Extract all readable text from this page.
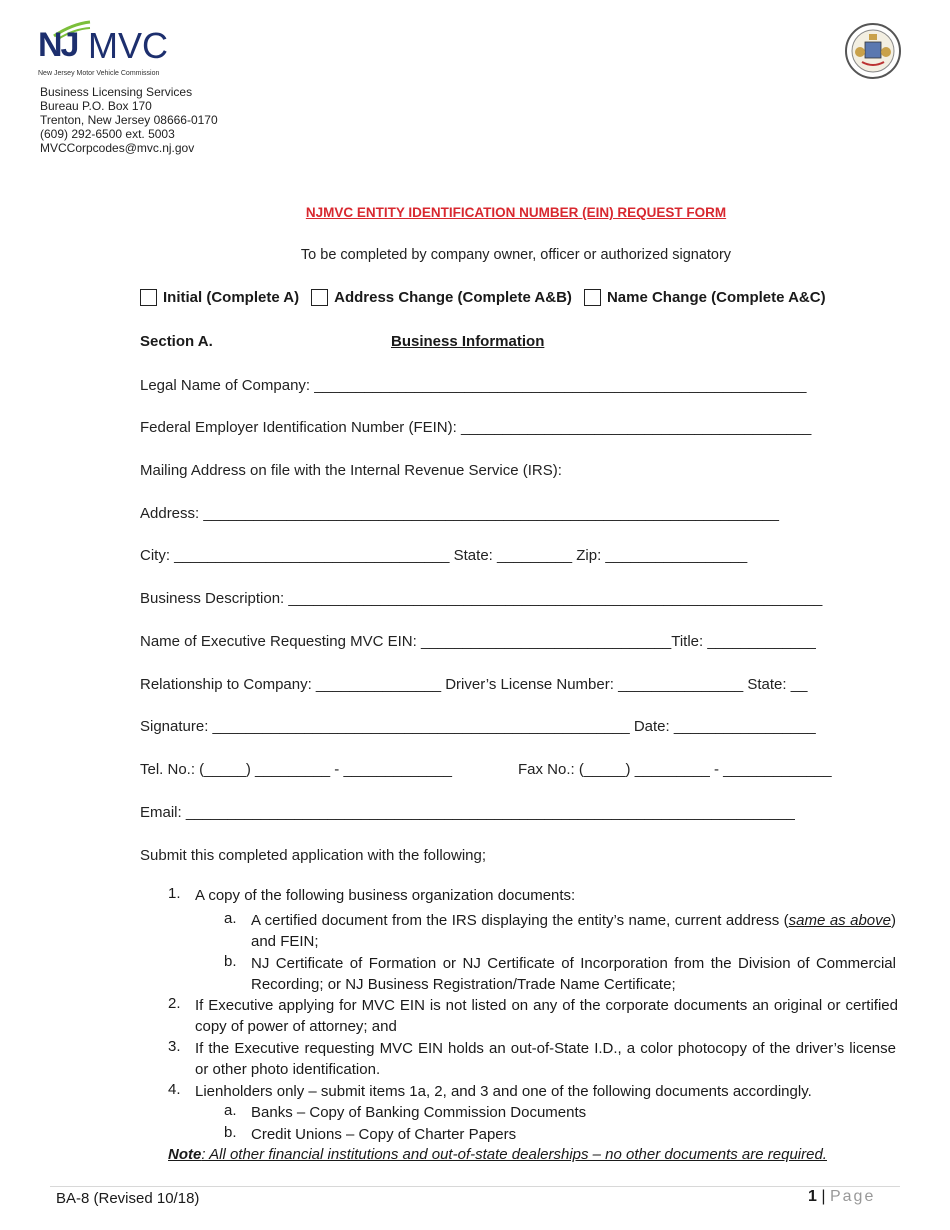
NJ MVC
New Jersey Motor Vehicle Commission
Business Licensing Services
Bureau P.O. Box 170
Trenton, New Jersey 08666-0170
(609) 292-6500 ext. 5003
MVCCorpcodes@mvc.nj.gov
NJMVC ENTITY IDENTIFICATION NUMBER (EIN) REQUEST FORM
To be completed by company owner, officer or authorized signatory
Initial (Complete A) Address Change (Complete A&B) Name Change (Complete A&C)
Section A.	Business Information
Legal Name of Company: ___________________________________________________________
Federal Employer Identification Number (FEIN): __________________________________________
Mailing Address on file with the Internal Revenue Service (IRS):
Address: _____________________________________________________________________
City: _________________________________ State: _________ Zip: _________________
Business Description: ________________________________________________________________
Name of Executive Requesting MVC EIN: ______________________________Title: _____________
Relationship to Company: _______________ Driver’s License Number: _______________ State: __
Signature: __________________________________________________ Date: _________________
Tel. No.: (_____) _________ - _____________	Fax No.: (_____) _________ - _____________
Email: _________________________________________________________________________
Submit this completed application with the following;
1. A copy of the following business organization documents:
a. A certified document from the IRS displaying the entity’s name, current address (same as above) and FEIN;
b. NJ Certificate of Formation or NJ Certificate of Incorporation from the Division of Commercial Recording; or NJ Business Registration/Trade Name Certificate;
2. If Executive applying for MVC EIN is not listed on any of the corporate documents an original or certified copy of power of attorney; and
3. If the Executive requesting MVC EIN holds an out-of-State I.D., a color photocopy of the driver’s license or other photo identification.
4. Lienholders only – submit items 1a, 2, and 3 and one of the following documents accordingly.
a. Banks – Copy of Banking Commission Documents
b. Credit Unions – Copy of Charter Papers
Note: All other financial institutions and out-of-state dealerships – no other documents are required.
BA-8 (Revised 10/18)	1 | Page
